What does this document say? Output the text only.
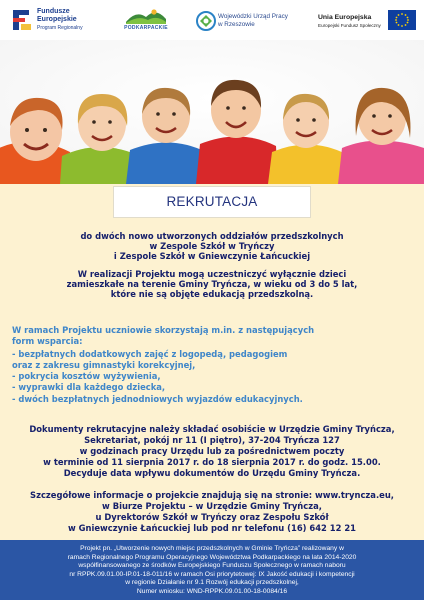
Fundusze
Europejskie
Program Regionalny	PODKARPACKIE
Wojewódzki Urząd Pracy
w Rzeszowie
Unia Europejska
Europejski Fundusz Społeczny
REKRUTACJA
do dwóch nowo utworzonych oddziałów przedszkolnych
w Zespole Szkół w Tryńczy
i Zespole Szkół w Gniewczynie Łańcuckiej
W realizacji Projektu mogą uczestniczyć wyłącznie dzieci
zamieszkałe na terenie Gminy Tryńcza, w wieku od 3 do 5 lat,
które nie są objęte edukacją przedszkolną.
W ramach Projektu uczniowie skorzystają m.in. z następujących
form wsparcia:
- bezpłatnych dodatkowych zajęć z logopedą, pedagogiem
oraz z zakresu gimnastyki korekcyjnej,
- pokrycia kosztów wyżywienia,
- wyprawki dla każdego dziecka,
- dwóch bezpłatnych jednodniowych wyjazdów edukacyjnych.
Dokumenty rekrutacyjne należy składać osobiście w Urzędzie Gminy Tryńcza,
Sekretariat, pokój nr 11 (I piętro), 37-204 Tryńcza 127
w godzinach pracy Urzędu lub za pośrednictwem poczty
w terminie od 11 sierpnia 2017 r. do 18 sierpnia 2017 r. do godz. 15.00.
Decyduje data wpływu dokumentów do Urzędu Gminy Tryńcza.
Szczegółowe informacje o projekcie znajdują się na stronie: www.tryncza.eu,
w Biurze Projektu – w Urzędzie Gminy Tryńcza,
u Dyrektorów Szkół w Tryńczy oraz Zespołu Szkół
w Gniewczynie Łańcuckiej lub pod nr telefonu (16) 642 12 21
Projekt pn. „Utworzenie nowych miejsc przedszkolnych w Gminie Tryńcza” realizowany w
ramach Regionalnego Programu Operacyjnego Województwa Podkarpackiego na lata 2014-2020
współfinansowanego ze środków Europejskiego Funduszu Społecznego w ramach naboru
nr RPPK.09.01.00-IP.01-18-011/16 w ramach Osi priorytetowej: IX Jakość edukacji i kompetencji
w regionie Działanie nr 9.1 Rozwój edukacji przedszkolnej,
Numer wniosku: WND-RPPK.09.01.00-18-0084/16
